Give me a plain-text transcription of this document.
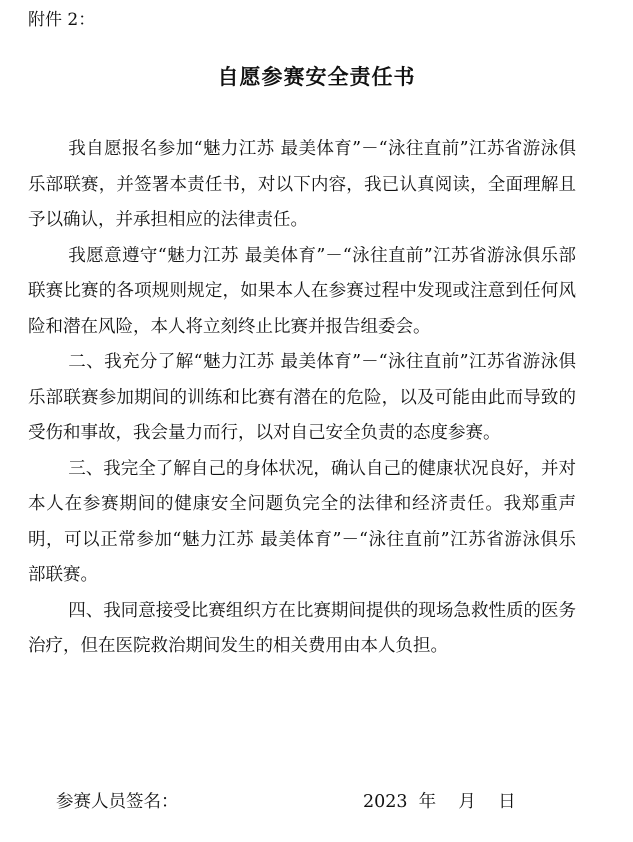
附件 2：
自愿参赛安全责任书

我自愿报名参加“魅力江苏 最美体育”－“泳往直前”江苏省游泳俱乐部联赛，并签署本责任书，对以下内容，我已认真阅读，全面理解且予以确认，并承担相应的法律责任。

我愿意遵守“魅力江苏 最美体育”－“泳往直前”江苏省游泳俱乐部联赛比赛的各项规则规定，如果本人在参赛过程中发现或注意到任何风险和潜在风险，本人将立刻终止比赛并报告组委会。

二、我充分了解“魅力江苏 最美体育”－“泳往直前”江苏省游泳俱乐部联赛参加期间的训练和比赛有潜在的危险，以及可能由此而导致的受伤和事故，我会量力而行，以对自己安全负责的态度参赛。

三、我完全了解自己的身体状况，确认自己的健康状况良好，并对本人在参赛期间的健康安全问题负完全的法律和经济责任。我郑重声明，可以正常参加“魅力江苏 最美体育”－“泳往直前”江苏省游泳俱乐部联赛。

四、我同意接受比赛组织方在比赛期间提供的现场急救性质的医务治疗，但在医院救治期间发生的相关费用由本人负担。

参赛人员签名：	2023  年    月    日
